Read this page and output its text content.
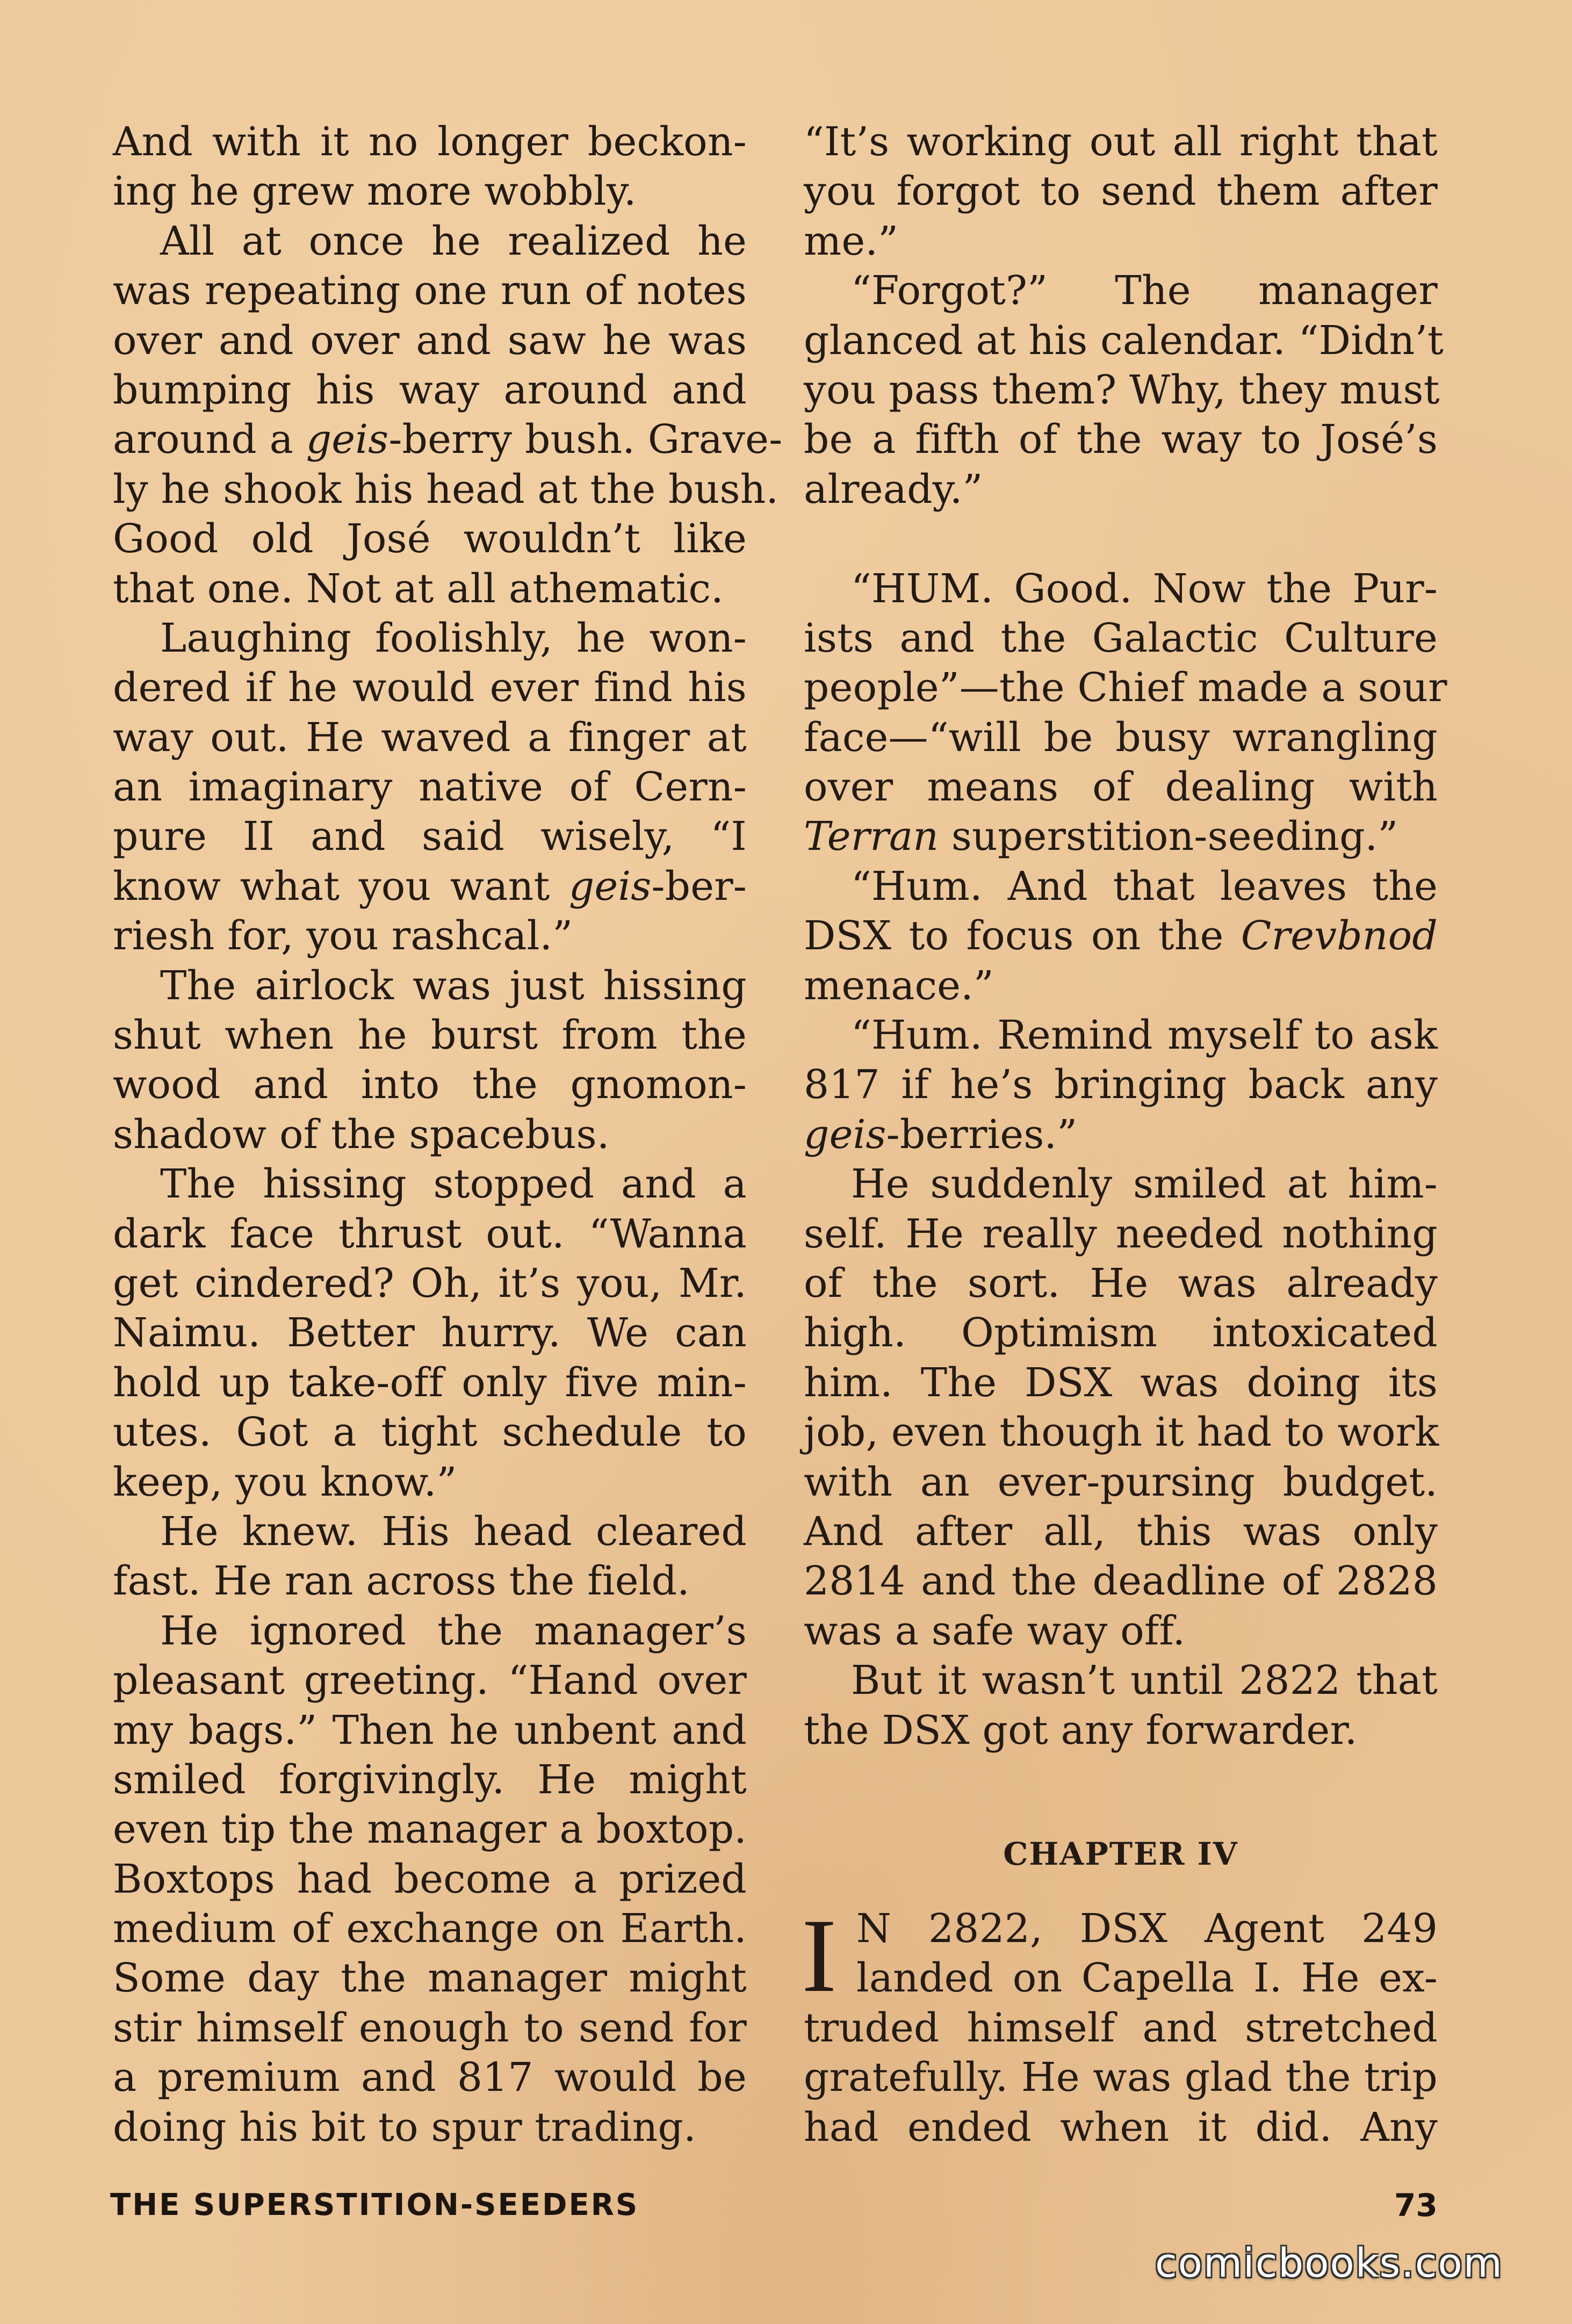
And with it no longer beckon-
ing he grew more wobbly.
All at once he realized he
was repeating one run of notes
over and over and saw he was
bumping his way around and
around a geis-berry bush. Grave-
ly he shook his head at the bush.
Good old José wouldn’t like
that one. Not at all athematic.
Laughing foolishly, he won-
dered if he would ever find his
way out. He waved a finger at
an imaginary native of Cern-
pure II and said wisely, “I
know what you want geis-ber-
riesh for, you rashcal.”
The airlock was just hissing
shut when he burst from the
wood and into the gnomon-
shadow of the spacebus.
The hissing stopped and a
dark face thrust out. “Wanna
get cindered? Oh, it’s you, Mr.
Naimu. Better hurry. We can
hold up take-off only five min-
utes. Got a tight schedule to
keep, you know.”
He knew. His head cleared
fast. He ran across the field.
He ignored the manager’s
pleasant greeting. “Hand over
my bags.” Then he unbent and
smiled forgivingly. He might
even tip the manager a boxtop.
Boxtops had become a prized
medium of exchange on Earth.
Some day the manager might
stir himself enough to send for
a premium and 817 would be
doing his bit to spur trading.
“It’s working out all right that
you forgot to send them after
me.”
“Forgot?” The manager
glanced at his calendar. “Didn’t
you pass them? Why, they must
be a fifth of the way to José’s
already.”
“HUM. Good. Now the Pur-
ists and the Galactic Culture
people”—the Chief made a sour
face—“will be busy wrangling
over means of dealing with
Terran superstition-seeding.”
“Hum. And that leaves the
DSX to focus on the Crevbnod
menace.”
“Hum. Remind myself to ask
817 if he’s bringing back any
geis-berries.”
He suddenly smiled at him-
self. He really needed nothing
of the sort. He was already
high. Optimism intoxicated
him. The DSX was doing its
job, even though it had to work
with an ever-pursing budget.
And after all, this was only
2814 and the deadline of 2828
was a safe way off.
But it wasn’t until 2822 that
the DSX got any forwarder.
CHAPTER IV
I N 2822, DSX Agent 249
landed on Capella I. He ex-
truded himself and stretched
gratefully. He was glad the trip
had ended when it did. Any
THE SUPERSTITION-SEEDERS	73
comicbooks.com
